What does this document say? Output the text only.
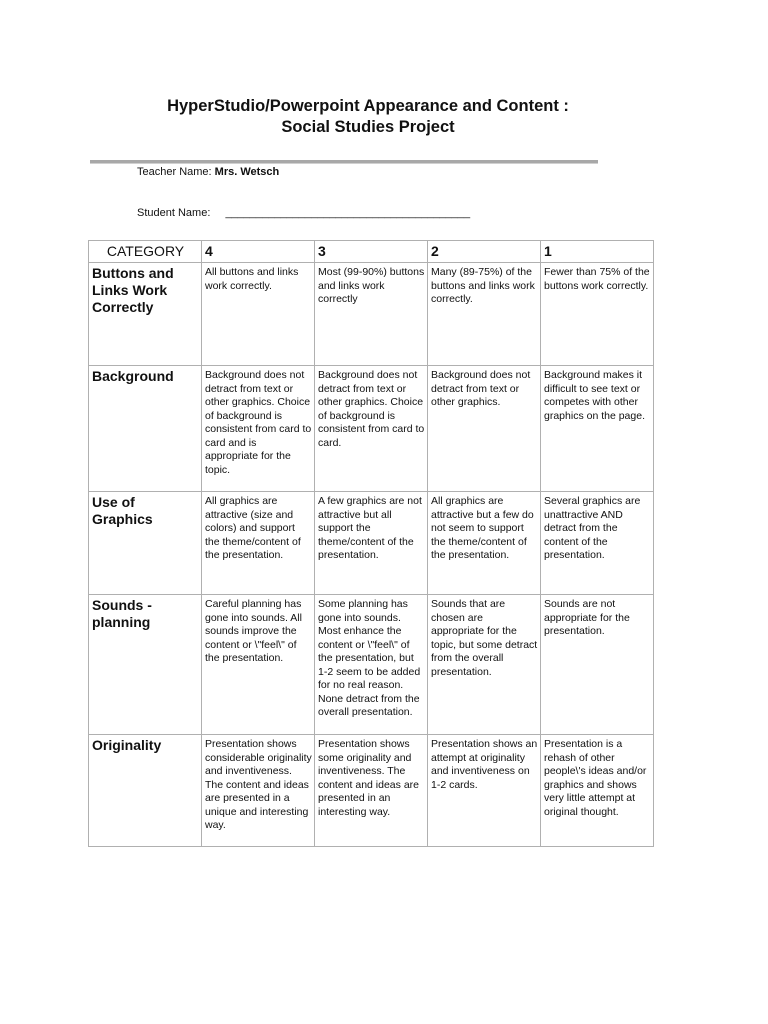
HyperStudio/Powerpoint Appearance and Content :
Social Studies Project
Teacher Name: Mrs. Wetsch
Student Name: ________________________________________
CATEGORY	4	3	2	1
Buttons and Links Work Correctly	All buttons and links work correctly.	Most (99-90%) buttons and links work correctly	Many (89-75%) of the buttons and links work correctly.	Fewer than 75% of the buttons work correctly.
Background	Background does not detract from text or other graphics. Choice of background is consistent from card to card and is appropriate for the topic.	Background does not detract from text or other graphics. Choice of background is consistent from card to card.	Background does not detract from text or other graphics.	Background makes it difficult to see text or competes with other graphics on the page.
Use of Graphics	All graphics are attractive (size and colors) and support the theme/content of the presentation.	A few graphics are not attractive but all support the theme/content of the presentation.	All graphics are attractive but a few do not seem to support the theme/content of the presentation.	Several graphics are unattractive AND detract from the content of the presentation.
Sounds - planning	Careful planning has gone into sounds. All sounds improve the content or \"feel\" of the presentation.	Some planning has gone into sounds. Most enhance the content or \"feel\" of the presentation, but 1-2 seem to be added for no real reason. None detract from the overall presentation.	Sounds that are chosen are appropriate for the topic, but some detract from the overall presentation.	Sounds are not appropriate for the presentation.
Originality	Presentation shows considerable originality and inventiveness. The content and ideas are presented in a unique and interesting way.	Presentation shows some originality and inventiveness. The content and ideas are presented in an interesting way.	Presentation shows an attempt at originality and inventiveness on 1-2 cards.	Presentation is a rehash of other people\'s ideas and/or graphics and shows very little attempt at original thought.
